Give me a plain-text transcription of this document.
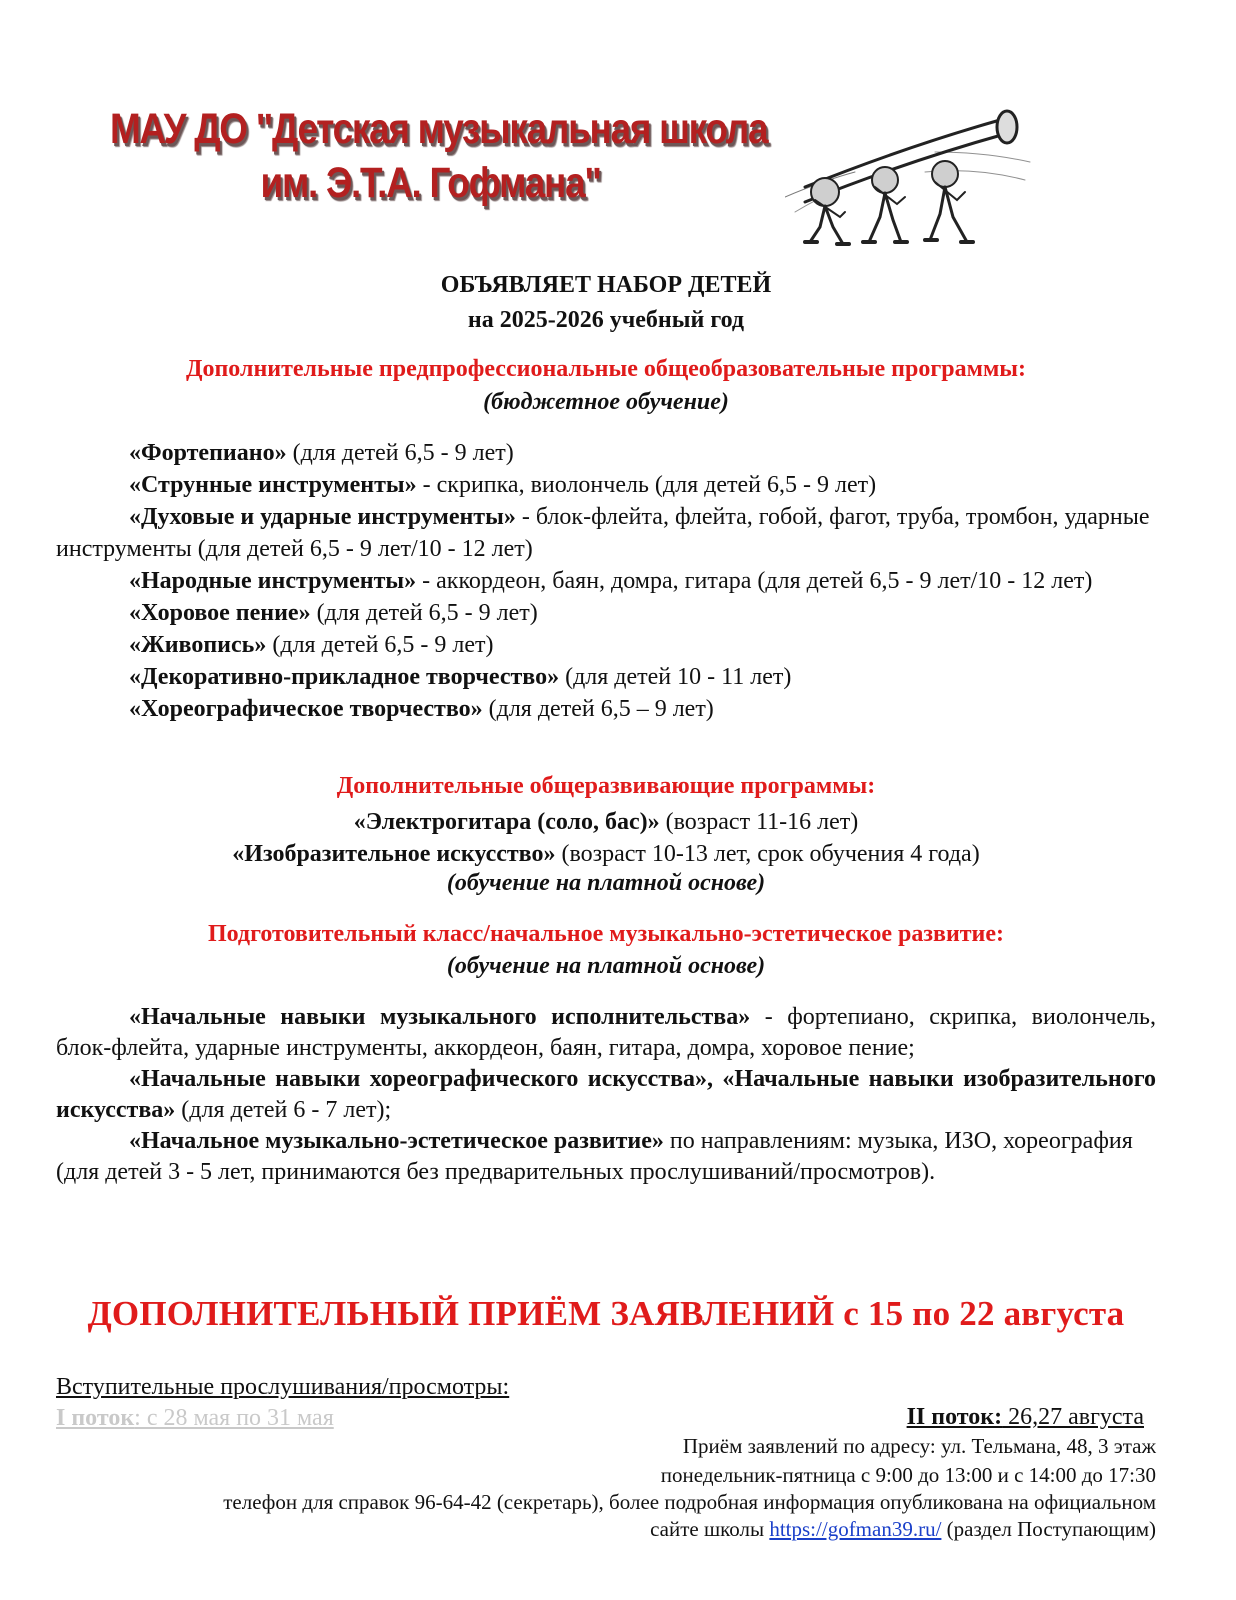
МАУ ДО "Детская музыкальная школа
им. Э.Т.А. Гофмана"
ОБЪЯВЛЯЕТ НАБОР ДЕТЕЙ
на 2025-2026 учебный год
Дополнительные предпрофессиональные общеобразовательные программы:
(бюджетное обучение)

«Фортепиано» (для детей 6,5 - 9 лет)

«Струнные инструменты» - скрипка, виолончель (для детей 6,5 - 9 лет)

«Духовые и ударные инструменты» - блок-флейта, флейта, гобой, фагот, труба, тромбон, ударные инструменты (для детей 6,5 - 9 лет/10 - 12 лет)

«Народные инструменты» - аккордеон, баян, домра, гитара (для детей 6,5 - 9 лет/10 - 12 лет)

«Хоровое пение» (для детей 6,5 - 9 лет)

«Живопись» (для детей 6,5 - 9 лет)

«Декоративно-прикладное творчество» (для детей 10 - 11 лет)

«Хореографическое творчество» (для детей 6,5 – 9 лет)

Дополнительные общеразвивающие программы:
«Электрогитара (соло, бас)» (возраст 11-16 лет)
«Изобразительное искусство» (возраст 10-13 лет, срок обучения 4 года)
(обучение на платной основе)
Подготовительный класс/начальное музыкально-эстетическое развитие:
(обучение на платной основе)

«Начальные навыки музыкального исполнительства» - фортепиано, скрипка, виолончель, блок-флейта, ударные инструменты, аккордеон, баян, гитара, домра, хоровое пение;

«Начальные навыки хореографического искусства», «Начальные навыки изобразительного искусства» (для детей 6 - 7 лет);

«Начальное музыкально-эстетическое развитие» по направлениям: музыка, ИЗО, хореография (для детей 3 - 5 лет, принимаются без предварительных прослушиваний/просмотров).

ДОПОЛНИТЕЛЬНЫЙ ПРИЁМ ЗАЯВЛЕНИЙ с 15 по 22 августа
Вступительные прослушивания/просмотры:
I поток: с 28 мая по 31 мая	II поток: 26,27 августа
Приём заявлений по адресу: ул. Тельмана, 48, 3 этаж
понедельник-пятница с 9:00 до 13:00 и с 14:00 до 17:30
телефон для справок 96-64-42 (секретарь), более подробная информация опубликована на официальном
сайте школы https://gofman39.ru/ (раздел Поступающим)
